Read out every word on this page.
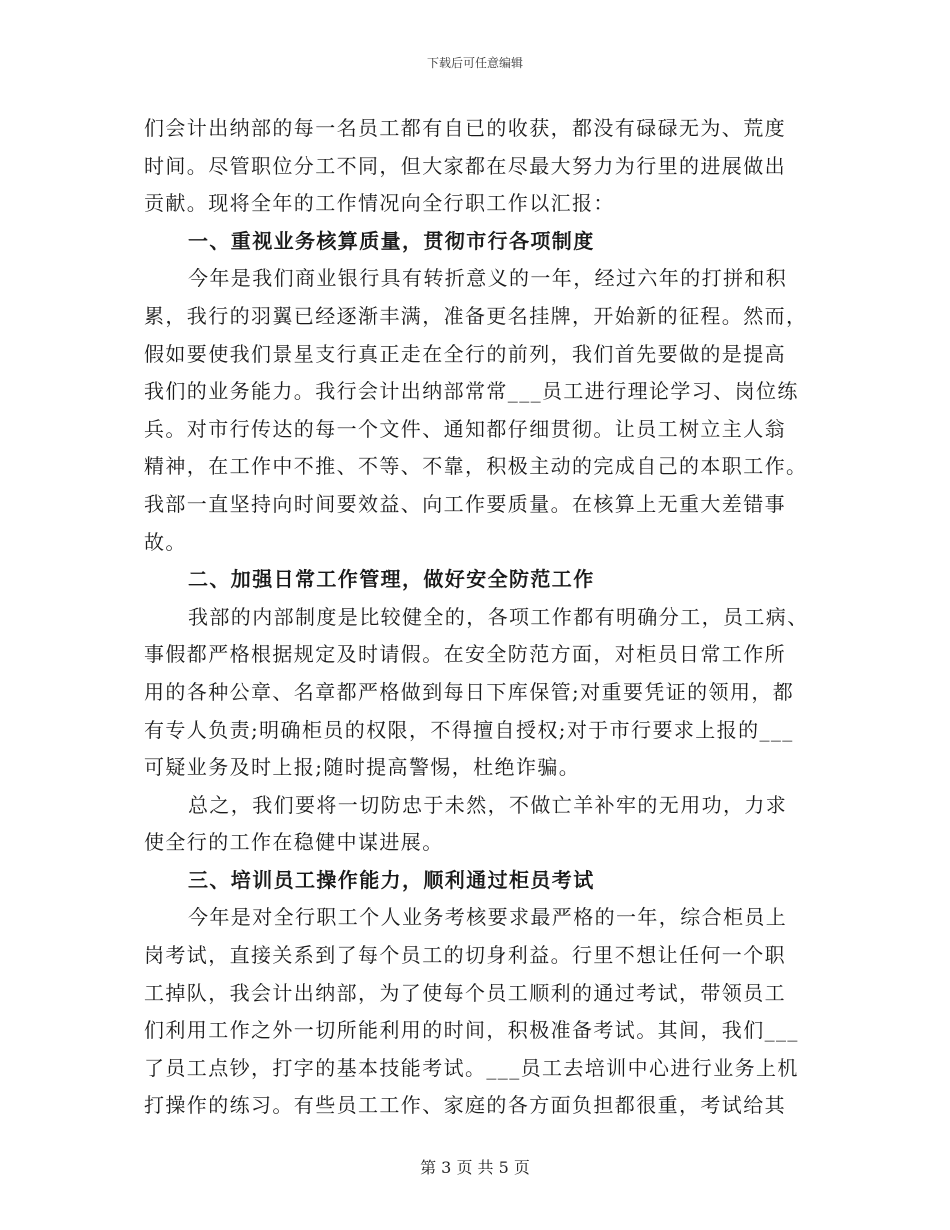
下载后可任意编辑
们会计出纳部的每一名员工都有自已的收获，都没有碌碌无为、荒度
时间。尽管职位分工不同，但大家都在尽最大努力为行里的进展做出
贡献。现将全年的工作情况向全行职工作以汇报：
一、重视业务核算质量，贯彻市行各项制度
今年是我们商业银行具有转折意义的一年，经过六年的打拼和积
累，我行的羽翼已经逐渐丰满，准备更名挂牌，开始新的征程。然而，
假如要使我们景星支行真正走在全行的前列，我们首先要做的是提高
我们的业务能力。我行会计出纳部常常___员工进行理论学习、岗位练
兵。对市行传达的每一个文件、通知都仔细贯彻。让员工树立主人翁
精神，在工作中不推、不等、不靠，积极主动的完成自己的本职工作。
我部一直坚持向时间要效益、向工作要质量。在核算上无重大差错事
故。
二、加强日常工作管理，做好安全防范工作
我部的内部制度是比较健全的，各项工作都有明确分工，员工病、
事假都严格根据规定及时请假。在安全防范方面，对柜员日常工作所
用的各种公章、名章都严格做到每日下库保管;对重要凭证的领用，都
有专人负责;明确柜员的权限，不得擅自授权;对于市行要求上报的___
可疑业务及时上报;随时提高警惕，杜绝诈骗。
总之，我们要将一切防忠于未然，不做亡羊补牢的无用功，力求
使全行的工作在稳健中谋进展。
三、培训员工操作能力，顺利通过柜员考试
今年是对全行职工个人业务考核要求最严格的一年，综合柜员上
岗考试，直接关系到了每个员工的切身利益。行里不想让任何一个职
工掉队，我会计出纳部，为了使每个员工顺利的通过考试，带领员工
们利用工作之外一切所能利用的时间，积极准备考试。其间，我们___
了员工点钞，打字的基本技能考试。___员工去培训中心进行业务上机
打操作的练习。有些员工工作、家庭的各方面负担都很重，考试给其
第 3 页 共 5 页
